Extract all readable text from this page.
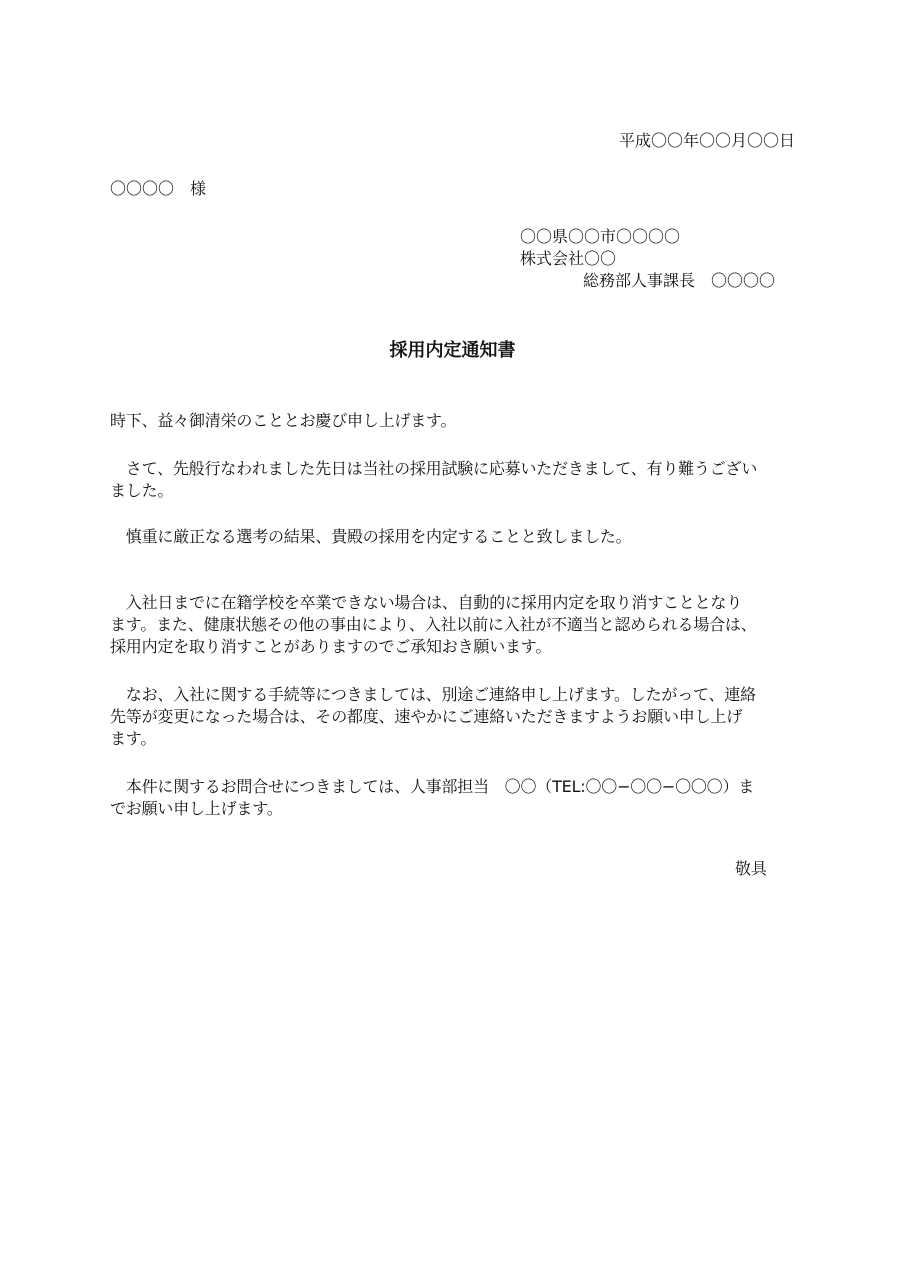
平成〇〇年〇〇月〇〇日
〇〇〇〇　様
〇〇県〇〇市〇〇〇〇
株式会社〇〇
総務部人事課長　〇〇〇〇
採用内定通知書

時下、益々御清栄のこととお慶び申し上げます。

　さて、先般行なわれました先日は当社の採用試験に応募いただきまして、有り難うござい

ました。

　慎重に厳正なる選考の結果、貴殿の採用を内定することと致しました。

　入社日までに在籍学校を卒業できない場合は、自動的に採用内定を取り消すこととなり

ます。また、健康状態その他の事由により、入社以前に入社が不適当と認められる場合は、

採用内定を取り消すことがありますのでご承知おき願います。

　なお、入社に関する手続等につきましては、別途ご連絡申し上げます。したがって、連絡

先等が変更になった場合は、その都度、速やかにご連絡いただきますようお願い申し上げ

ます。

　本件に関するお問合せにつきましては、人事部担当　〇〇（TEL:〇〇−〇〇−〇〇〇）ま

でお願い申し上げます。

敬具
